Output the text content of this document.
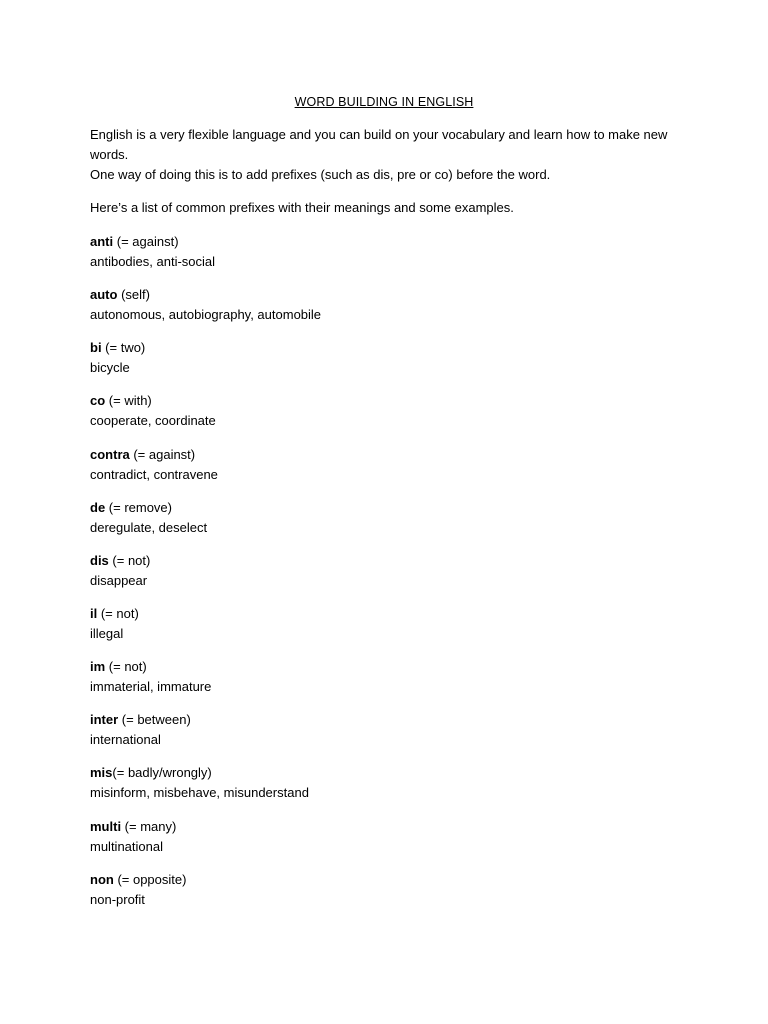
WORD BUILDING IN ENGLISH
English is a very flexible language and you can build on your vocabulary and learn how to make new
words.
One way of doing this is to add prefixes (such as dis, pre or co) before the word.
Here’s a list of common prefixes with their meanings and some examples.
anti (= against)
antibodies, anti-social
auto (self)
autonomous, autobiography, automobile
bi (= two)
bicycle
co (= with)
cooperate, coordinate
contra (= against)
contradict, contravene
de (= remove)
deregulate, deselect
dis (= not)
disappear
il (= not)
illegal
im (= not)
immaterial, immature
inter (= between)
international
mis(= badly/wrongly)
misinform, misbehave, misunderstand
multi (= many)
multinational
non (= opposite)
non-profit
